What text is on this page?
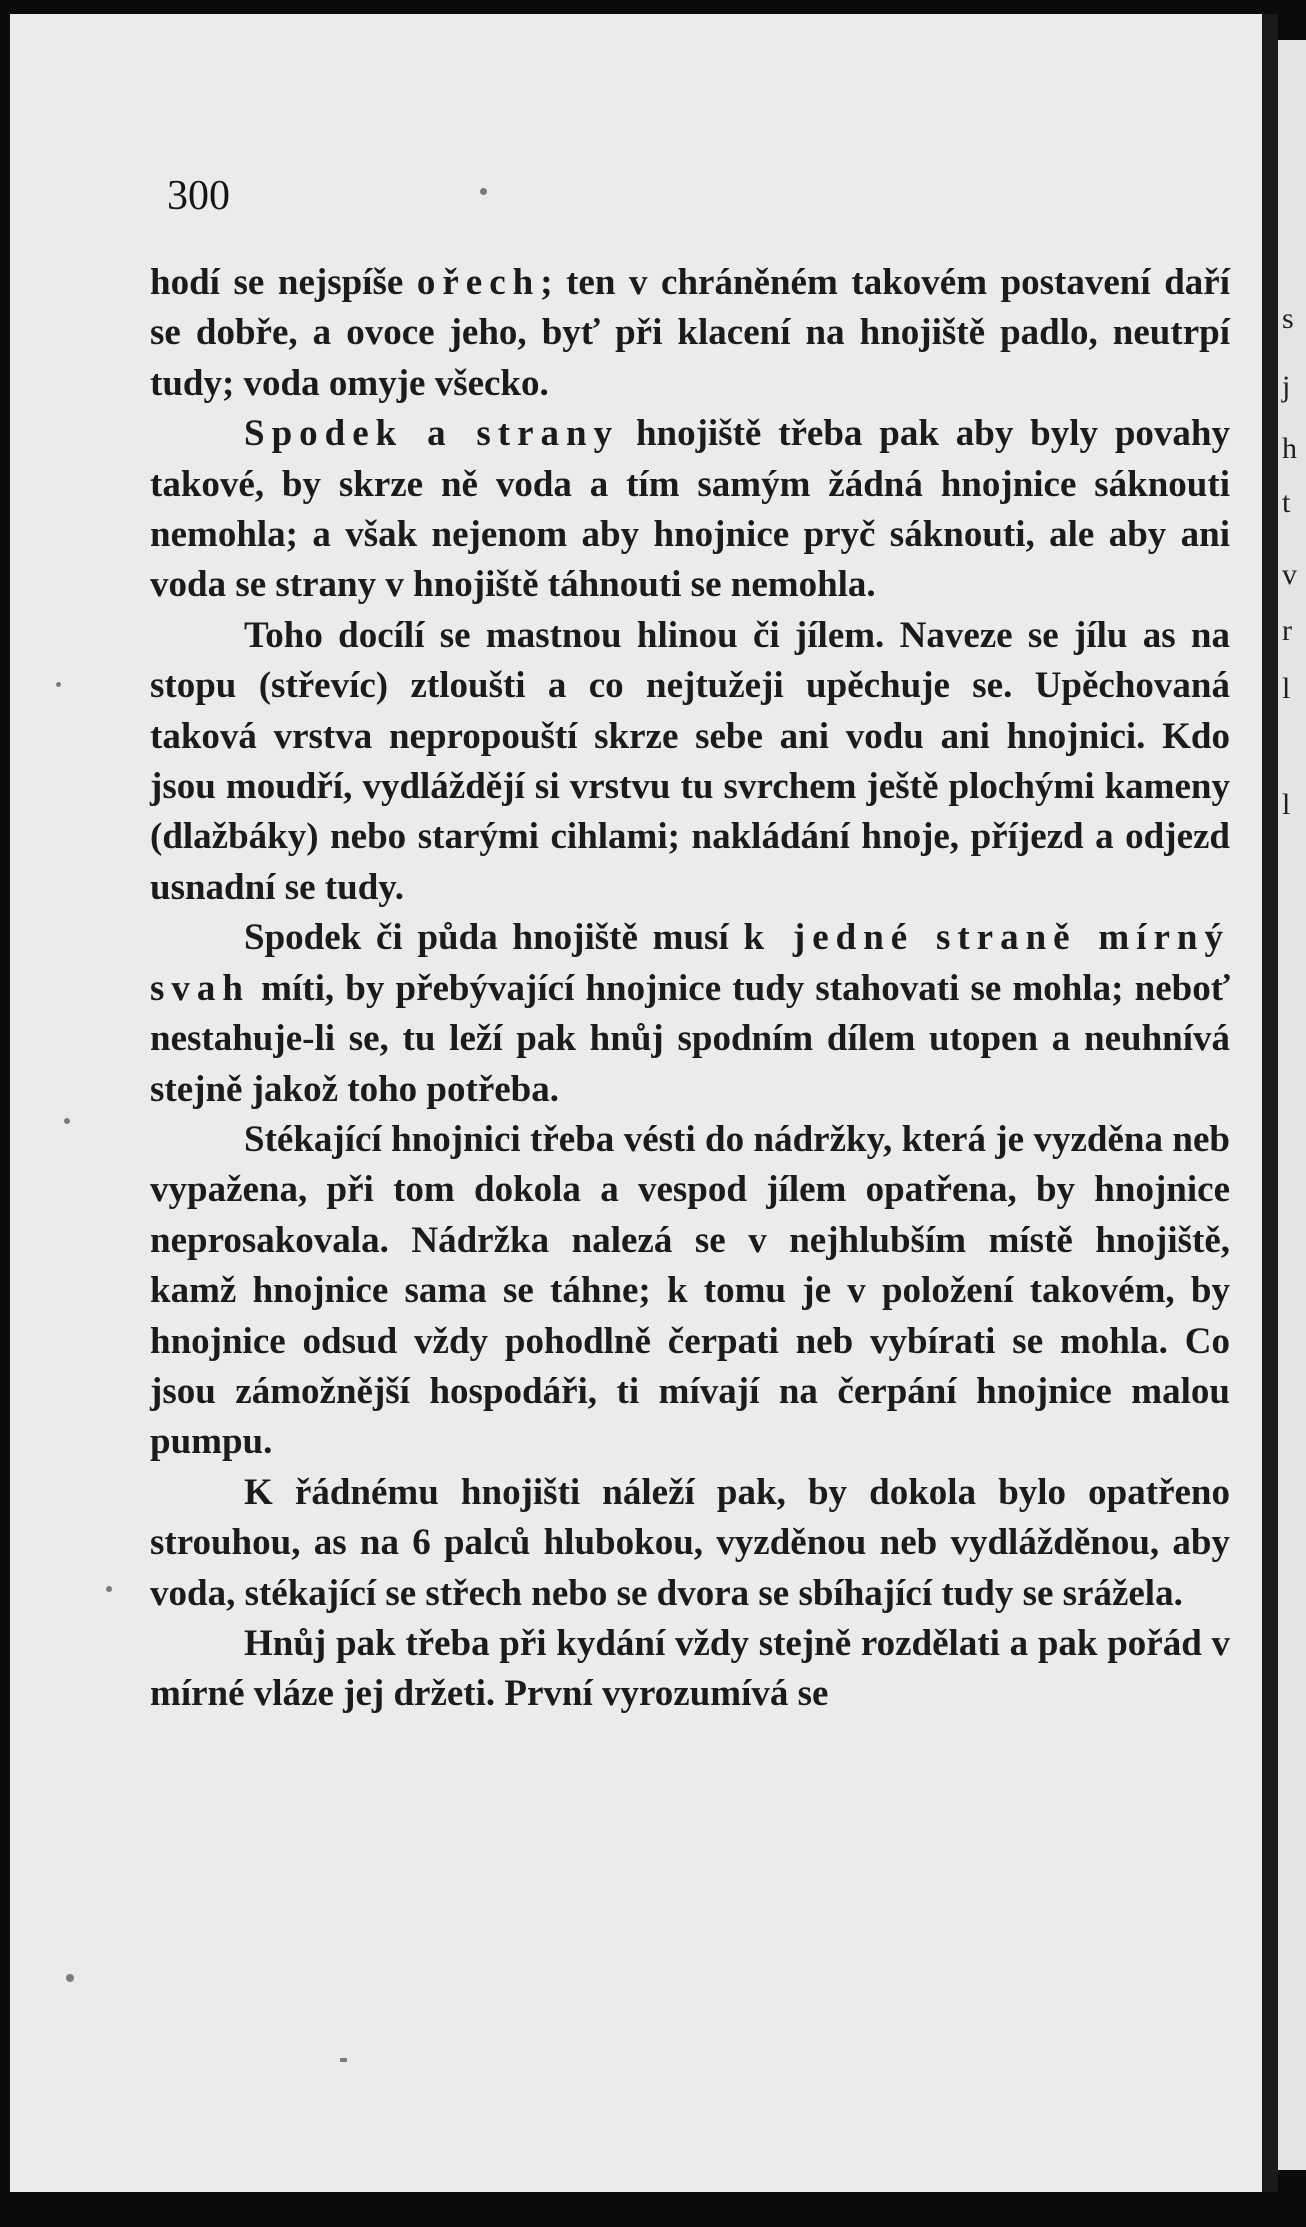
s
j
h
t
v
r
l
l
300

hodí se nejspíše ořech; ten v chráněném takovém postavení daří se dobře, a ovoce jeho, byť při klacení na hnojiště padlo, neutrpí tudy; voda omyje všecko.

Spodek a strany hnojiště třeba pak aby byly povahy takové, by skrze ně voda a tím samým žádná hnojnice sáknouti nemohla; a však nejenom aby hnojnice pryč sáknouti, ale aby ani voda se strany v hnojiště táhnouti se nemohla.

Toho docílí se mastnou hlinou či jílem. Naveze se jílu as na stopu (střevíc) ztloušti a co nejtužeji upěchuje se. Upěchovaná taková vrstva nepropouští skrze sebe ani vodu ani hnojnici. Kdo jsou moudří, vydláždějí si vrstvu tu svrchem ještě plochými kameny (dlažbáky) nebo starými cihlami; nakládání hnoje, příjezd a odjezd usnadní se tudy.

Spodek či půda hnojiště musí k jedné straně mírný svah míti, by přebývající hnojnice tudy stahovati se mohla; neboť nestahuje-li se, tu leží pak hnůj spodním dílem utopen a neuhnívá stejně jakož toho potřeba.

Stékající hnojnici třeba vésti do nádržky, která je vyzděna neb vypažena, při tom dokola a vespod jílem opatřena, by hnojnice neprosakovala. Nádržka nalezá se v nejhlubším místě hnojiště, kamž hnojnice sama se táhne; k tomu je v položení takovém, by hnojnice odsud vždy pohodlně čerpati neb vybírati se mohla. Co jsou zámožnější hospodáři, ti mívají na čerpání hnojnice malou pumpu.

K řádnému hnojišti náleží pak, by dokola bylo opatřeno strouhou, as na 6 palců hlubokou, vyzděnou neb vydlážděnou, aby voda, stékající se střech nebo se dvora se sbíhající tudy se srážela.

Hnůj pak třeba při kydání vždy stejně rozdělati a pak pořád v mírné vláze jej držeti. První vyrozumívá se
